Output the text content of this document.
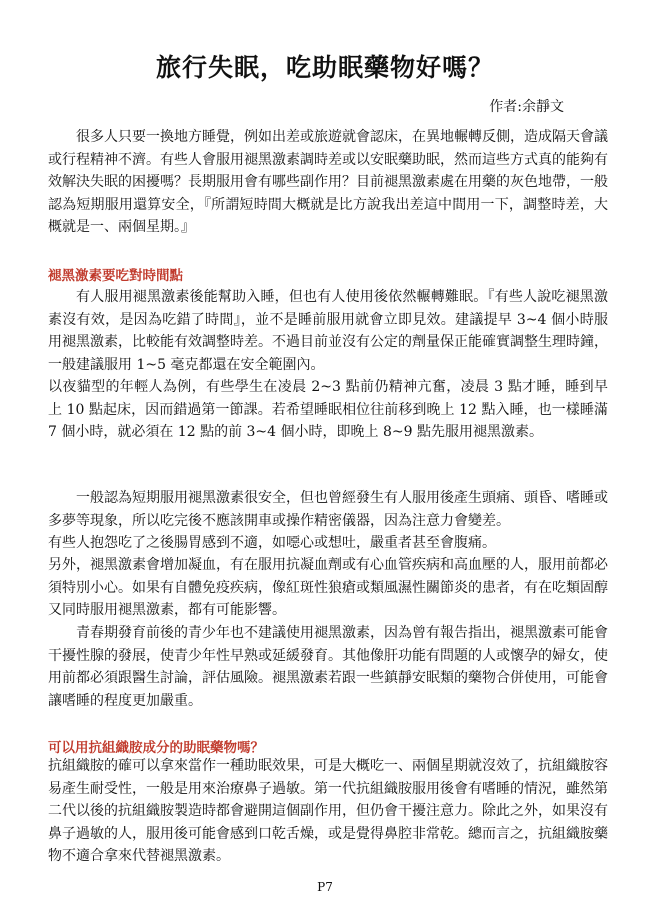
旅行失眠，吃助眠藥物好嗎？
作者:余靜文

很多人只要一換地方睡覺，例如出差或旅遊就會認床，在異地輾轉反側，造成隔天會議或行程精神不濟。有些人會服用褪黑激素調時差或以安眠藥助眠，然而這些方式真的能夠有效解決失眠的困擾嗎？長期服用會有哪些副作用？目前褪黑激素處在用藥的灰色地帶，一般認為短期服用還算安全，『所謂短時間大概就是比方說我出差這中間用一下，調整時差，大概就是一、兩個星期。』

褪黑激素要吃對時間點

有人服用褪黑激素後能幫助入睡，但也有人使用後依然輾轉難眠。『有些人說吃褪黑激素沒有效，是因為吃錯了時間』，並不是睡前服用就會立即見效。建議提早 3~4 個小時服用褪黑激素，比較能有效調整時差。不過目前並沒有公定的劑量保正能確實調整生理時鐘，一般建議服用 1~5 毫克都還在安全範圍內。

以夜貓型的年輕人為例，有些學生在凌晨 2~3 點前仍精神亢奮，凌晨 3 點才睡，睡到早上 10 點起床，因而錯過第一節課。若希望睡眠相位往前移到晚上 12 點入睡，也一樣睡滿 7 個小時，就必須在 12 點的前 3~4 個小時，即晚上 8~9 點先服用褪黑激素。

一般認為短期服用褪黑激素很安全，但也曾經發生有人服用後產生頭痛、頭昏、嗜睡或多夢等現象，所以吃完後不應該開車或操作精密儀器，因為注意力會變差。

有些人抱怨吃了之後腸胃感到不適，如噁心或想吐，嚴重者甚至會腹痛。

另外，褪黑激素會增加凝血，有在服用抗凝血劑或有心血管疾病和高血壓的人，服用前都必須特別小心。如果有自體免疫疾病，像紅斑性狼瘡或類風濕性關節炎的患者，有在吃類固醇又同時服用褪黑激素，都有可能影響。

青春期發育前後的青少年也不建議使用褪黑激素，因為曾有報告指出，褪黑激素可能會干擾性腺的發展，使青少年性早熟或延緩發育。其他像肝功能有問題的人或懷孕的婦女，使用前都必須跟醫生討論，評估風險。褪黑激素若跟一些鎮靜安眠類的藥物合併使用，可能會讓嗜睡的程度更加嚴重。

可以用抗組織胺成分的助眠藥物嗎？

抗組織胺的確可以拿來當作一種助眠效果，可是大概吃一、兩個星期就沒效了，抗組織胺容易產生耐受性，一般是用來治療鼻子過敏。第一代抗組織胺服用後會有嗜睡的情況，雖然第二代以後的抗組織胺製造時都會避開這個副作用，但仍會干擾注意力。除此之外，如果沒有鼻子過敏的人，服用後可能會感到口乾舌燥，或是覺得鼻腔非常乾。總而言之，抗組織胺藥物不適合拿來代替褪黑激素。

P7
